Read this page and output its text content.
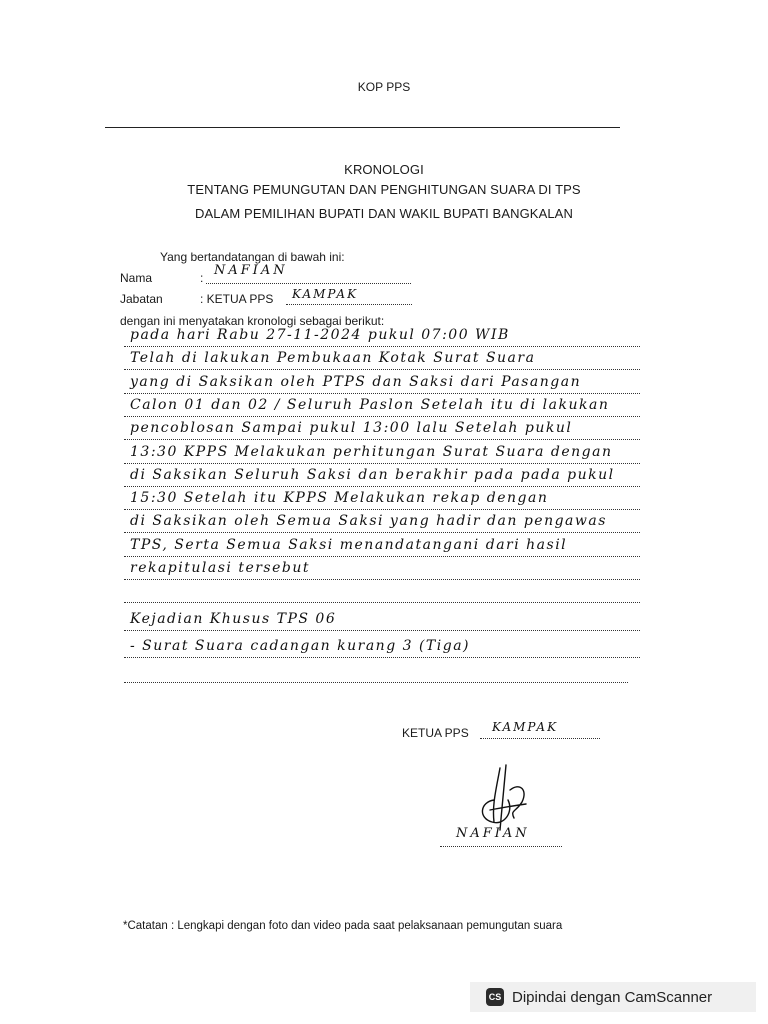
KOP PPS
KRONOLOGI
TENTANG PEMUNGUTAN DAN PENGHITUNGAN SUARA DI TPS
DALAM PEMILIHAN BUPATI DAN WAKIL BUPATI BANGKALAN
Yang bertandatangan di bawah ini:
Nama	: NAFIAN
Jabatan	: KETUA PPS KAMPAK
dengan ini menyatakan kronologi sebagai berikut:
pada hari Rabu 27-11-2024 pukul 07:00 WIB
Telah di lakukan Pembukaan Kotak Surat Suara
yang di Saksikan oleh PTPS dan Saksi dari Pasangan
Calon 01 dan 02 / Seluruh Paslon Setelah itu di lakukan
pencoblosan Sampai pukul 13:00 lalu Setelah pukul
13:30 KPPS Melakukan perhitungan Surat Suara dengan
di Saksikan Seluruh Saksi dan berakhir pada pada pukul
15:30 Setelah itu KPPS Melakukan rekap dengan
di Saksikan oleh Semua Saksi yang hadir dan pengawas
TPS, Serta Semua Saksi menandatangani dari hasil
rekapitulasi tersebut
Kejadian Khusus TPS 06
- Surat Suara cadangan kurang 3 (Tiga)
KETUA PPS KAMPAK
NAFIAN
*Catatan : Lengkapi dengan foto dan video pada saat pelaksanaan pemungutan suara
CS Dipindai dengan CamScanner
